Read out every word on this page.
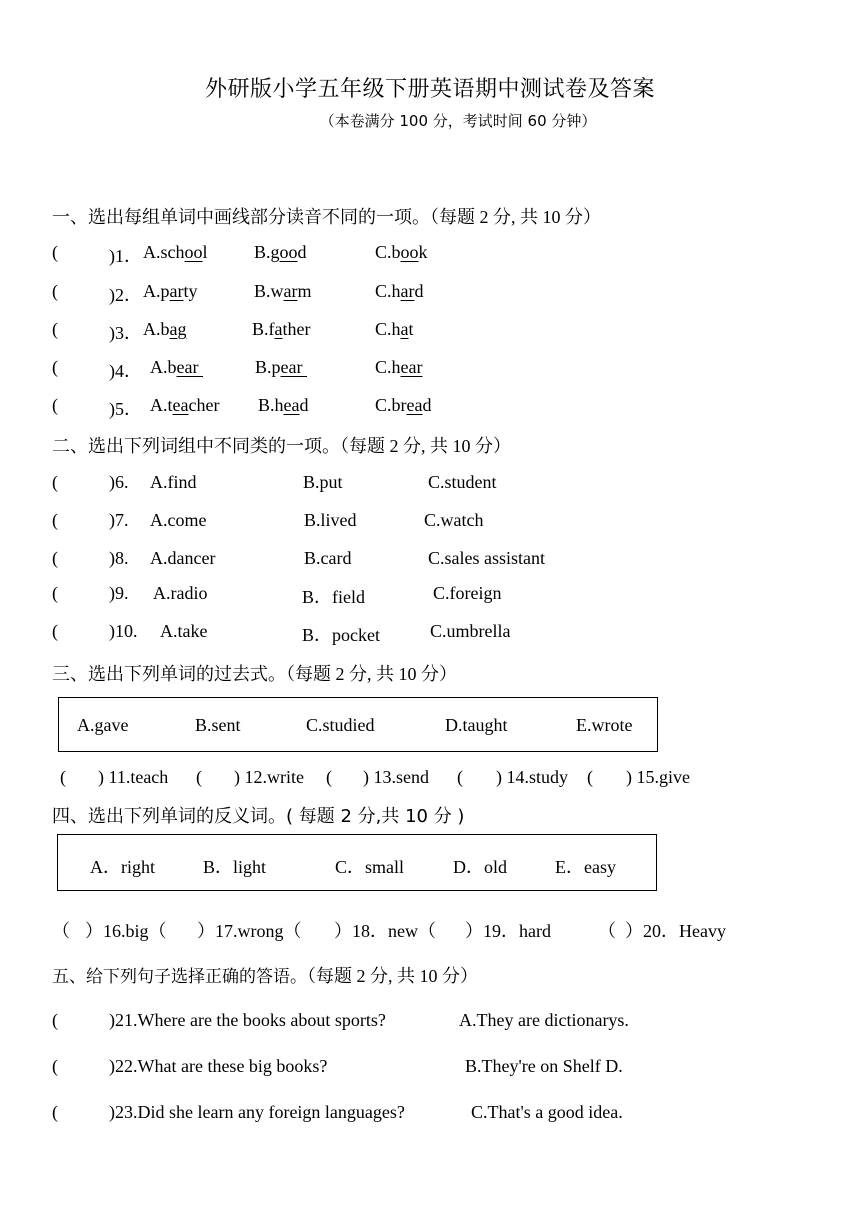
外研版小学五年级下册英语期中测试卷及答案
（本卷满分 100 分，考试时间 60 分钟）
一、选出每组单词中画线部分读音不同的一项。（每题 2 分, 共 10 分）
(	)1． A.school	B.good	C.book
(	)2． A.party	B.warm	C.hard
(	)3． A.bag	B.father	C.hat
(	)4． A.bear	B.pear	C.hear
(	)5． A.teacher B.head	C.bread
二、选出下列词组中不同类的一项。（每题 2 分, 共 10 分）
(	)6. A.find	B.put	C.student
(	)7. A.come	B.lived	C.watch
(	)8. A.dancer	B.card	C.sales assistant
(	)9. A.radio	B．field	C.foreign
(	)10. A.take	B．pocket	C.umbrella
三、选出下列单词的过去式。（每题 2 分, 共 10 分）
A.gave	B.sent	C.studied	D.taught	E.wrote
( ) 11.teach ( ) 12.write ( ) 13.send ( ) 14.study ( ) 15.give
四、选出下列单词的反义词。( 每题 2 分,共 10 分 )
A．right	B．light	C．small	D．old	E．easy
（ ）16.big（ ）17.wrong（ ）18．new（ ）19．hard	（ ）20．Heavy
五、给下列句子选择正确的答语。（每题 2 分, 共 10 分）
(	)21.Where are the books about sports?	A.They are dictionarys.
(	)22.What are these big books?	B.They're on Shelf D.
(	)23.Did she learn any foreign languages?	C.That's a good idea.
